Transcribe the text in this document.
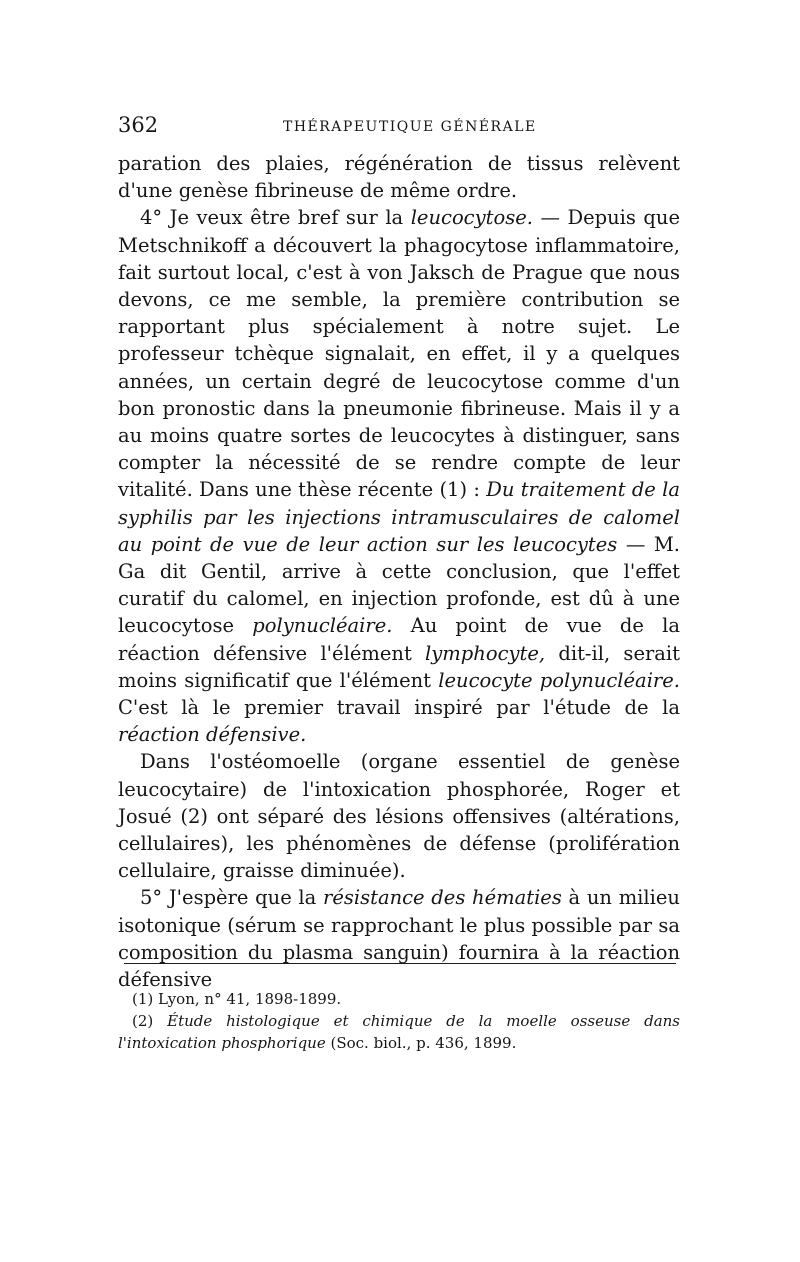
362	THÉRAPEUTIQUE GÉNÉRALE

paration des plaies, régénération de tissus relèvent d'une genèse fibrineuse de même ordre.

4° Je veux être bref sur la leucocytose. — Depuis que Metschnikoff a découvert la phagocytose inflammatoire, fait surtout local, c'est à von Jaksch de Prague que nous devons, ce me semble, la première contribution se rapportant plus spécialement à notre sujet. Le professeur tchèque signalait, en effet, il y a quelques années, un certain degré de leucocytose comme d'un bon pronostic dans la pneumonie fibrineuse. Mais il y a au moins quatre sortes de leucocytes à distinguer, sans compter la nécessité de se rendre compte de leur vitalité. Dans une thèse récente (1) : Du traitement de la syphilis par les injections intramusculaires de calomel au point de vue de leur action sur les leucocytes — M. Ga dit Gentil, arrive à cette conclusion, que l'effet curatif du calomel, en injection profonde, est dû à une leucocytose polynucléaire. Au point de vue de la réaction défensive l'élément lymphocyte, dit-il, serait moins significatif que l'élément leucocyte polynucléaire. C'est là le premier travail inspiré par l'étude de la réaction défensive.

Dans l'ostéomoelle (organe essentiel de genèse leucocytaire) de l'intoxication phosphorée, Roger et Josué (2) ont séparé des lésions offensives (altérations, cellulaires), les phénomènes de défense (prolifération cellulaire, graisse diminuée).

5° J'espère que la résistance des hématies à un milieu isotonique (sérum se rapprochant le plus possible par sa composition du plasma sanguin) fournira à la réaction défensive

(1) Lyon, n° 41, 1898-1899.

(2) Étude histologique et chimique de la moelle osseuse dans l'intoxication phosphorique (Soc. biol., p. 436, 1899.
